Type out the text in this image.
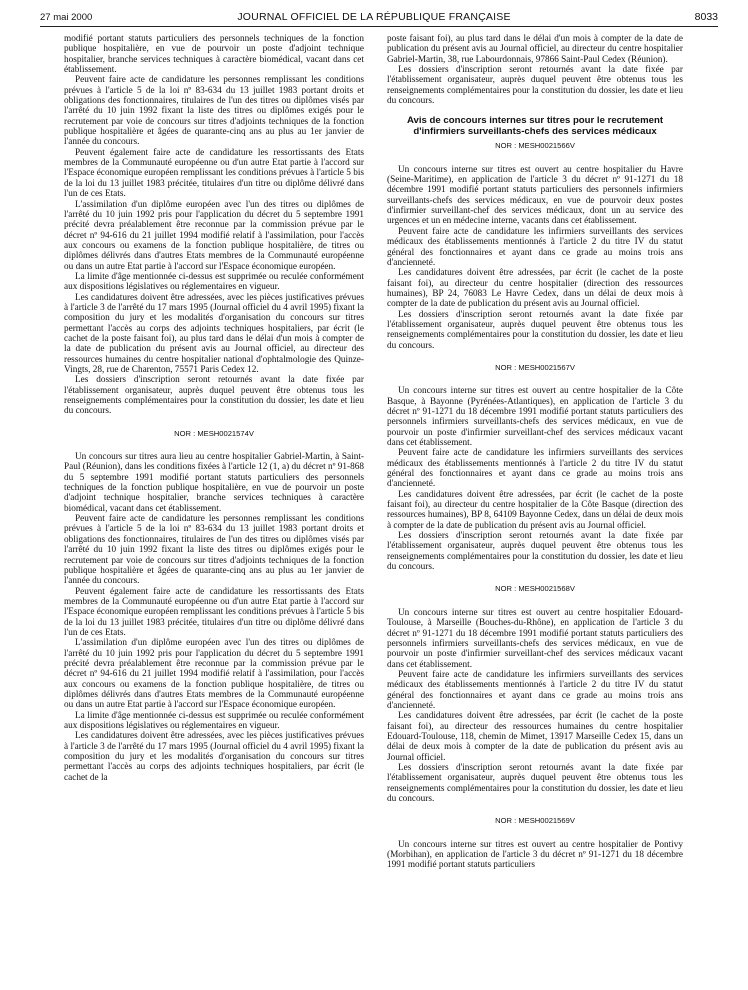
27 mai 2000	JOURNAL OFFICIEL DE LA RÉPUBLIQUE FRANÇAISE	8033

modifié portant statuts particuliers des personnels techniques de la fonction publique hospitalière, en vue de pourvoir un poste d'adjoint technique hospitalier, branche services techniques à caractère biomédical, vacant dans cet établissement.

Peuvent faire acte de candidature les personnes remplissant les conditions prévues à l'article 5 de la loi nº 83-634 du 13 juillet 1983 portant droits et obligations des fonctionnaires, titulaires de l'un des titres ou diplômes visés par l'arrêté du 10 juin 1992 fixant la liste des titres ou diplômes exigés pour le recrutement par voie de concours sur titres d'adjoints techniques de la fonction publique hospitalière et âgées de quarante-cinq ans au plus au 1er janvier de l'année du concours.

Peuvent également faire acte de candidature les ressortissants des Etats membres de la Communauté européenne ou d'un autre Etat partie à l'accord sur l'Espace économique européen remplissant les conditions prévues à l'article 5 bis de la loi du 13 juillet 1983 précitée, titulaires d'un titre ou diplôme délivré dans l'un de ces Etats.

L'assimilation d'un diplôme européen avec l'un des titres ou diplômes de l'arrêté du 10 juin 1992 pris pour l'application du décret du 5 septembre 1991 précité devra préalablement être reconnue par la commission prévue par le décret nº 94-616 du 21 juillet 1994 modifié relatif à l'assimilation, pour l'accès aux concours ou examens de la fonction publique hospitalière, de titres ou diplômes délivrés dans d'autres Etats membres de la Communauté européenne ou dans un autre Etat partie à l'accord sur l'Espace économique européen.

La limite d'âge mentionnée ci-dessus est supprimée ou reculée conformément aux dispositions législatives ou réglementaires en vigueur.

Les candidatures doivent être adressées, avec les pièces justificatives prévues à l'article 3 de l'arrêté du 17 mars 1995 (Journal officiel du 4 avril 1995) fixant la composition du jury et les modalités d'organisation du concours sur titres permettant l'accès au corps des adjoints techniques hospitaliers, par écrit (le cachet de la poste faisant foi), au plus tard dans le délai d'un mois à compter de la date de publication du présent avis au Journal officiel, au directeur des ressources humaines du centre hospitalier national d'ophtalmologie des Quinze-Vingts, 28, rue de Charenton, 75571 Paris Cedex 12.

Les dossiers d'inscription seront retournés avant la date fixée par l'établissement organisateur, auprès duquel peuvent être obtenus tous les renseignements complémentaires pour la constitution du dossier, les date et lieu du concours.

NOR : MESH0021574V

Un concours sur titres aura lieu au centre hospitalier Gabriel-Martin, à Saint-Paul (Réunion), dans les conditions fixées à l'article 12 (1, a) du décret nº 91-868 du 5 septembre 1991 modifié portant statuts particuliers des personnels techniques de la fonction publique hospitalière, en vue de pourvoir un poste d'adjoint technique hospitalier, branche services techniques à caractère biomédical, vacant dans cet établissement.

Peuvent faire acte de candidature les personnes remplissant les conditions prévues à l'article 5 de la loi nº 83-634 du 13 juillet 1983 portant droits et obligations des fonctionnaires, titulaires de l'un des titres ou diplômes visés par l'arrêté du 10 juin 1992 fixant la liste des titres ou diplômes exigés pour le recrutement par voie de concours sur titres d'adjoints techniques de la fonction publique hospitalière et âgées de quarante-cinq ans au plus au 1er janvier de l'année du concours.

Peuvent également faire acte de candidature les ressortissants des Etats membres de la Communauté européenne ou d'un autre Etat partie à l'accord sur l'Espace économique européen remplissant les conditions prévues à l'article 5 bis de la loi du 13 juillet 1983 précitée, titulaires d'un titre ou diplôme délivré dans l'un de ces Etats.

L'assimilation d'un diplôme européen avec l'un des titres ou diplômes de l'arrêté du 10 juin 1992 pris pour l'application du décret du 5 septembre 1991 précité devra préalablement être reconnue par la commission prévue par le décret nº 94-616 du 21 juillet 1994 modifié relatif à l'assimilation, pour l'accès aux concours ou examens de la fonction publique hospitalière, de titres ou diplômes délivrés dans d'autres Etats membres de la Communauté européenne ou dans un autre Etat partie à l'accord sur l'Espace économique européen.

La limite d'âge mentionnée ci-dessus est supprimée ou reculée conformément aux dispositions législatives ou réglementaires en vigueur.

Les candidatures doivent être adressées, avec les pièces justificatives prévues à l'article 3 de l'arrêté du 17 mars 1995 (Journal officiel du 4 avril 1995) fixant la composition du jury et les modalités d'organisation du concours sur titres permettant l'accès au corps des adjoints techniques hospitaliers, par écrit (le cachet de la

poste faisant foi), au plus tard dans le délai d'un mois à compter de la date de publication du présent avis au Journal officiel, au directeur du centre hospitalier Gabriel-Martin, 38, rue Labourdonnais, 97866 Saint-Paul Cedex (Réunion).

Les dossiers d'inscription seront retournés avant la date fixée par l'établissement organisateur, auprès duquel peuvent être obtenus tous les renseignements complémentaires pour la constitution du dossier, les date et lieu du concours.

Avis de concours internes sur titres pour le recrutement d'infirmiers surveillants-chefs des services médicaux
NOR : MESH0021566V

Un concours interne sur titres est ouvert au centre hospitalier du Havre (Seine-Maritime), en application de l'article 3 du décret nº 91-1271 du 18 décembre 1991 modifié portant statuts particuliers des personnels infirmiers surveillants-chefs des services médicaux, en vue de pourvoir deux postes d'infirmier surveillant-chef des services médicaux, dont un au service des urgences et un en médecine interne, vacants dans cet établissement.

Peuvent faire acte de candidature les infirmiers surveillants des services médicaux des établissements mentionnés à l'article 2 du titre IV du statut général des fonctionnaires et ayant dans ce grade au moins trois ans d'ancienneté.

Les candidatures doivent être adressées, par écrit (le cachet de la poste faisant foi), au directeur du centre hospitalier (direction des ressources humaines), BP 24, 76083 Le Havre Cedex, dans un délai de deux mois à compter de la date de publication du présent avis au Journal officiel.

Les dossiers d'inscription seront retournés avant la date fixée par l'établissement organisateur, auprès duquel peuvent être obtenus tous les renseignements complémentaires pour la constitution du dossier, les date et lieu du concours.

NOR : MESH0021567V

Un concours interne sur titres est ouvert au centre hospitalier de la Côte Basque, à Bayonne (Pyrénées-Atlantiques), en application de l'article 3 du décret nº 91-1271 du 18 décembre 1991 modifié portant statuts particuliers des personnels infirmiers surveillants-chefs des services médicaux, en vue de pourvoir un poste d'infirmier surveillant-chef des services médicaux vacant dans cet établissement.

Peuvent faire acte de candidature les infirmiers surveillants des services médicaux des établissements mentionnés à l'article 2 du titre IV du statut général des fonctionnaires et ayant dans ce grade au moins trois ans d'ancienneté.

Les candidatures doivent être adressées, par écrit (le cachet de la poste faisant foi), au directeur du centre hospitalier de la Côte Basque (direction des ressources humaines), BP 8, 64109 Bayonne Cedex, dans un délai de deux mois à compter de la date de publication du présent avis au Journal officiel.

Les dossiers d'inscription seront retournés avant la date fixée par l'établissement organisateur, auprès duquel peuvent être obtenus tous les renseignements complémentaires pour la constitution du dossier, les date et lieu du concours.

NOR : MESH0021568V

Un concours interne sur titres est ouvert au centre hospitalier Edouard-Toulouse, à Marseille (Bouches-du-Rhône), en application de l'article 3 du décret nº 91-1271 du 18 décembre 1991 modifié portant statuts particuliers des personnels infirmiers surveillants-chefs des services médicaux, en vue de pourvoir un poste d'infirmier surveillant-chef des services médicaux vacant dans cet établissement.

Peuvent faire acte de candidature les infirmiers surveillants des services médicaux des établissements mentionnés à l'article 2 du titre IV du statut général des fonctionnaires et ayant dans ce grade au moins trois ans d'ancienneté.

Les candidatures doivent être adressées, par écrit (le cachet de la poste faisant foi), au directeur des ressources humaines du centre hospitalier Edouard-Toulouse, 118, chemin de Mimet, 13917 Marseille Cedex 15, dans un délai de deux mois à compter de la date de publication du présent avis au Journal officiel.

Les dossiers d'inscription seront retournés avant la date fixée par l'établissement organisateur, auprès duquel peuvent être obtenus tous les renseignements complémentaires pour la constitution du dossier, les date et lieu du concours.

NOR : MESH0021569V

Un concours interne sur titres est ouvert au centre hospitalier de Pontivy (Morbihan), en application de l'article 3 du décret nº 91-1271 du 18 décembre 1991 modifié portant statuts particuliers
